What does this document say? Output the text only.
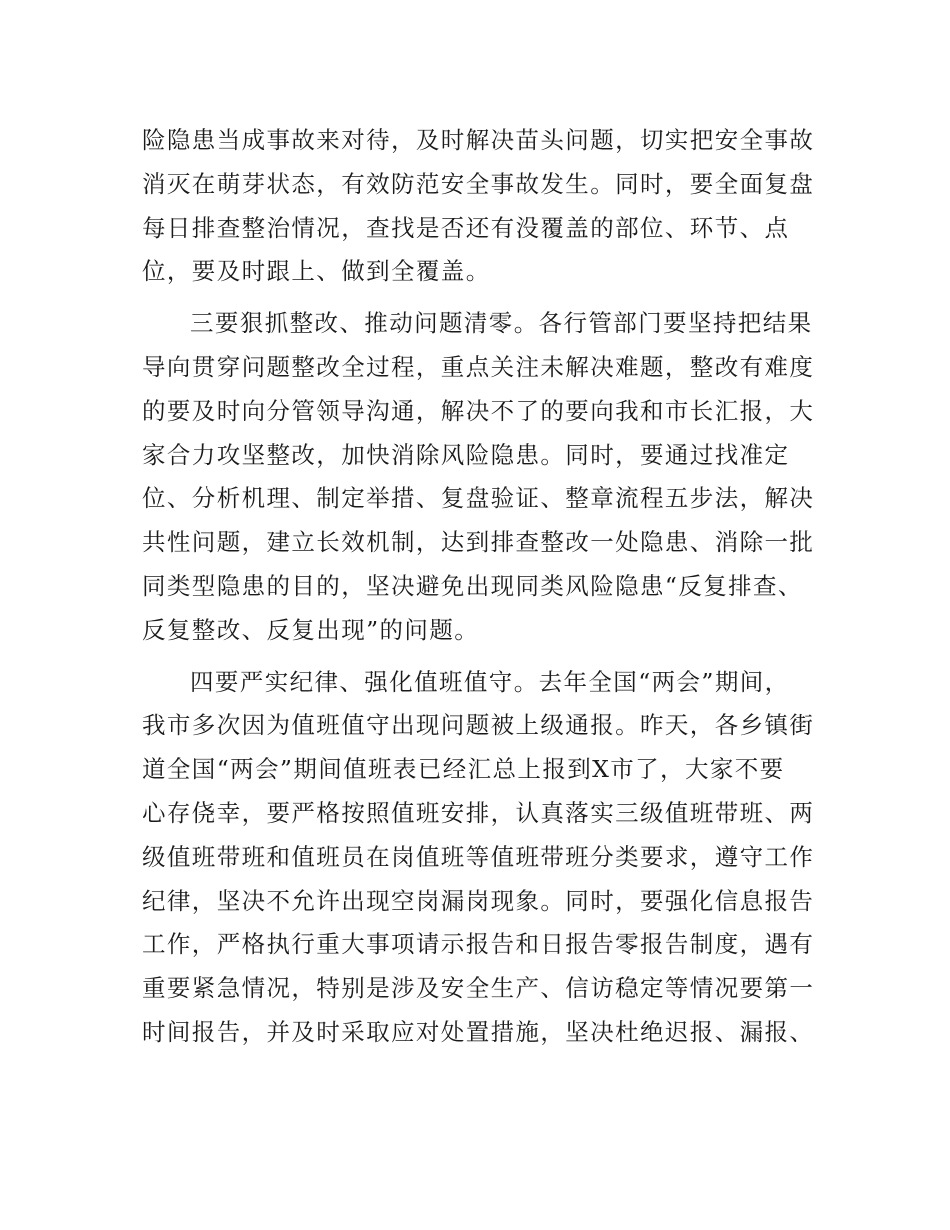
险隐患当成事故来对待，及时解决苗头问题，切实把安全事故
消灭在萌芽状态，有效防范安全事故发生。同时，要全面复盘
每日排查整治情况，查找是否还有没覆盖的部位、环节、点
位，要及时跟上、做到全覆盖。

三要狠抓整改、推动问题清零。各行管部门要坚持把结果
导向贯穿问题整改全过程，重点关注未解决难题，整改有难度
的要及时向分管领导沟通，解决不了的要向我和市长汇报，大
家合力攻坚整改，加快消除风险隐患。同时，要通过找准定
位、分析机理、制定举措、复盘验证、整章流程五步法，解决
共性问题，建立长效机制，达到排查整改一处隐患、消除一批
同类型隐患的目的，坚决避免出现同类风险隐患“反复排查、
反复整改、反复出现”的问题。

四要严实纪律、强化值班值守。去年全国“两会”期间，
我市多次因为值班值守出现问题被上级通报。昨天，各乡镇街
道全国“两会”期间值班表已经汇总上报到X市了，大家不要
心存侥幸，要严格按照值班安排，认真落实三级值班带班、两
级值班带班和值班员在岗值班等值班带班分类要求，遵守工作
纪律，坚决不允许出现空岗漏岗现象。同时，要强化信息报告
工作，严格执行重大事项请示报告和日报告零报告制度，遇有
重要紧急情况，特别是涉及安全生产、信访稳定等情况要第一
时间报告，并及时采取应对处置措施，坚决杜绝迟报、漏报、
